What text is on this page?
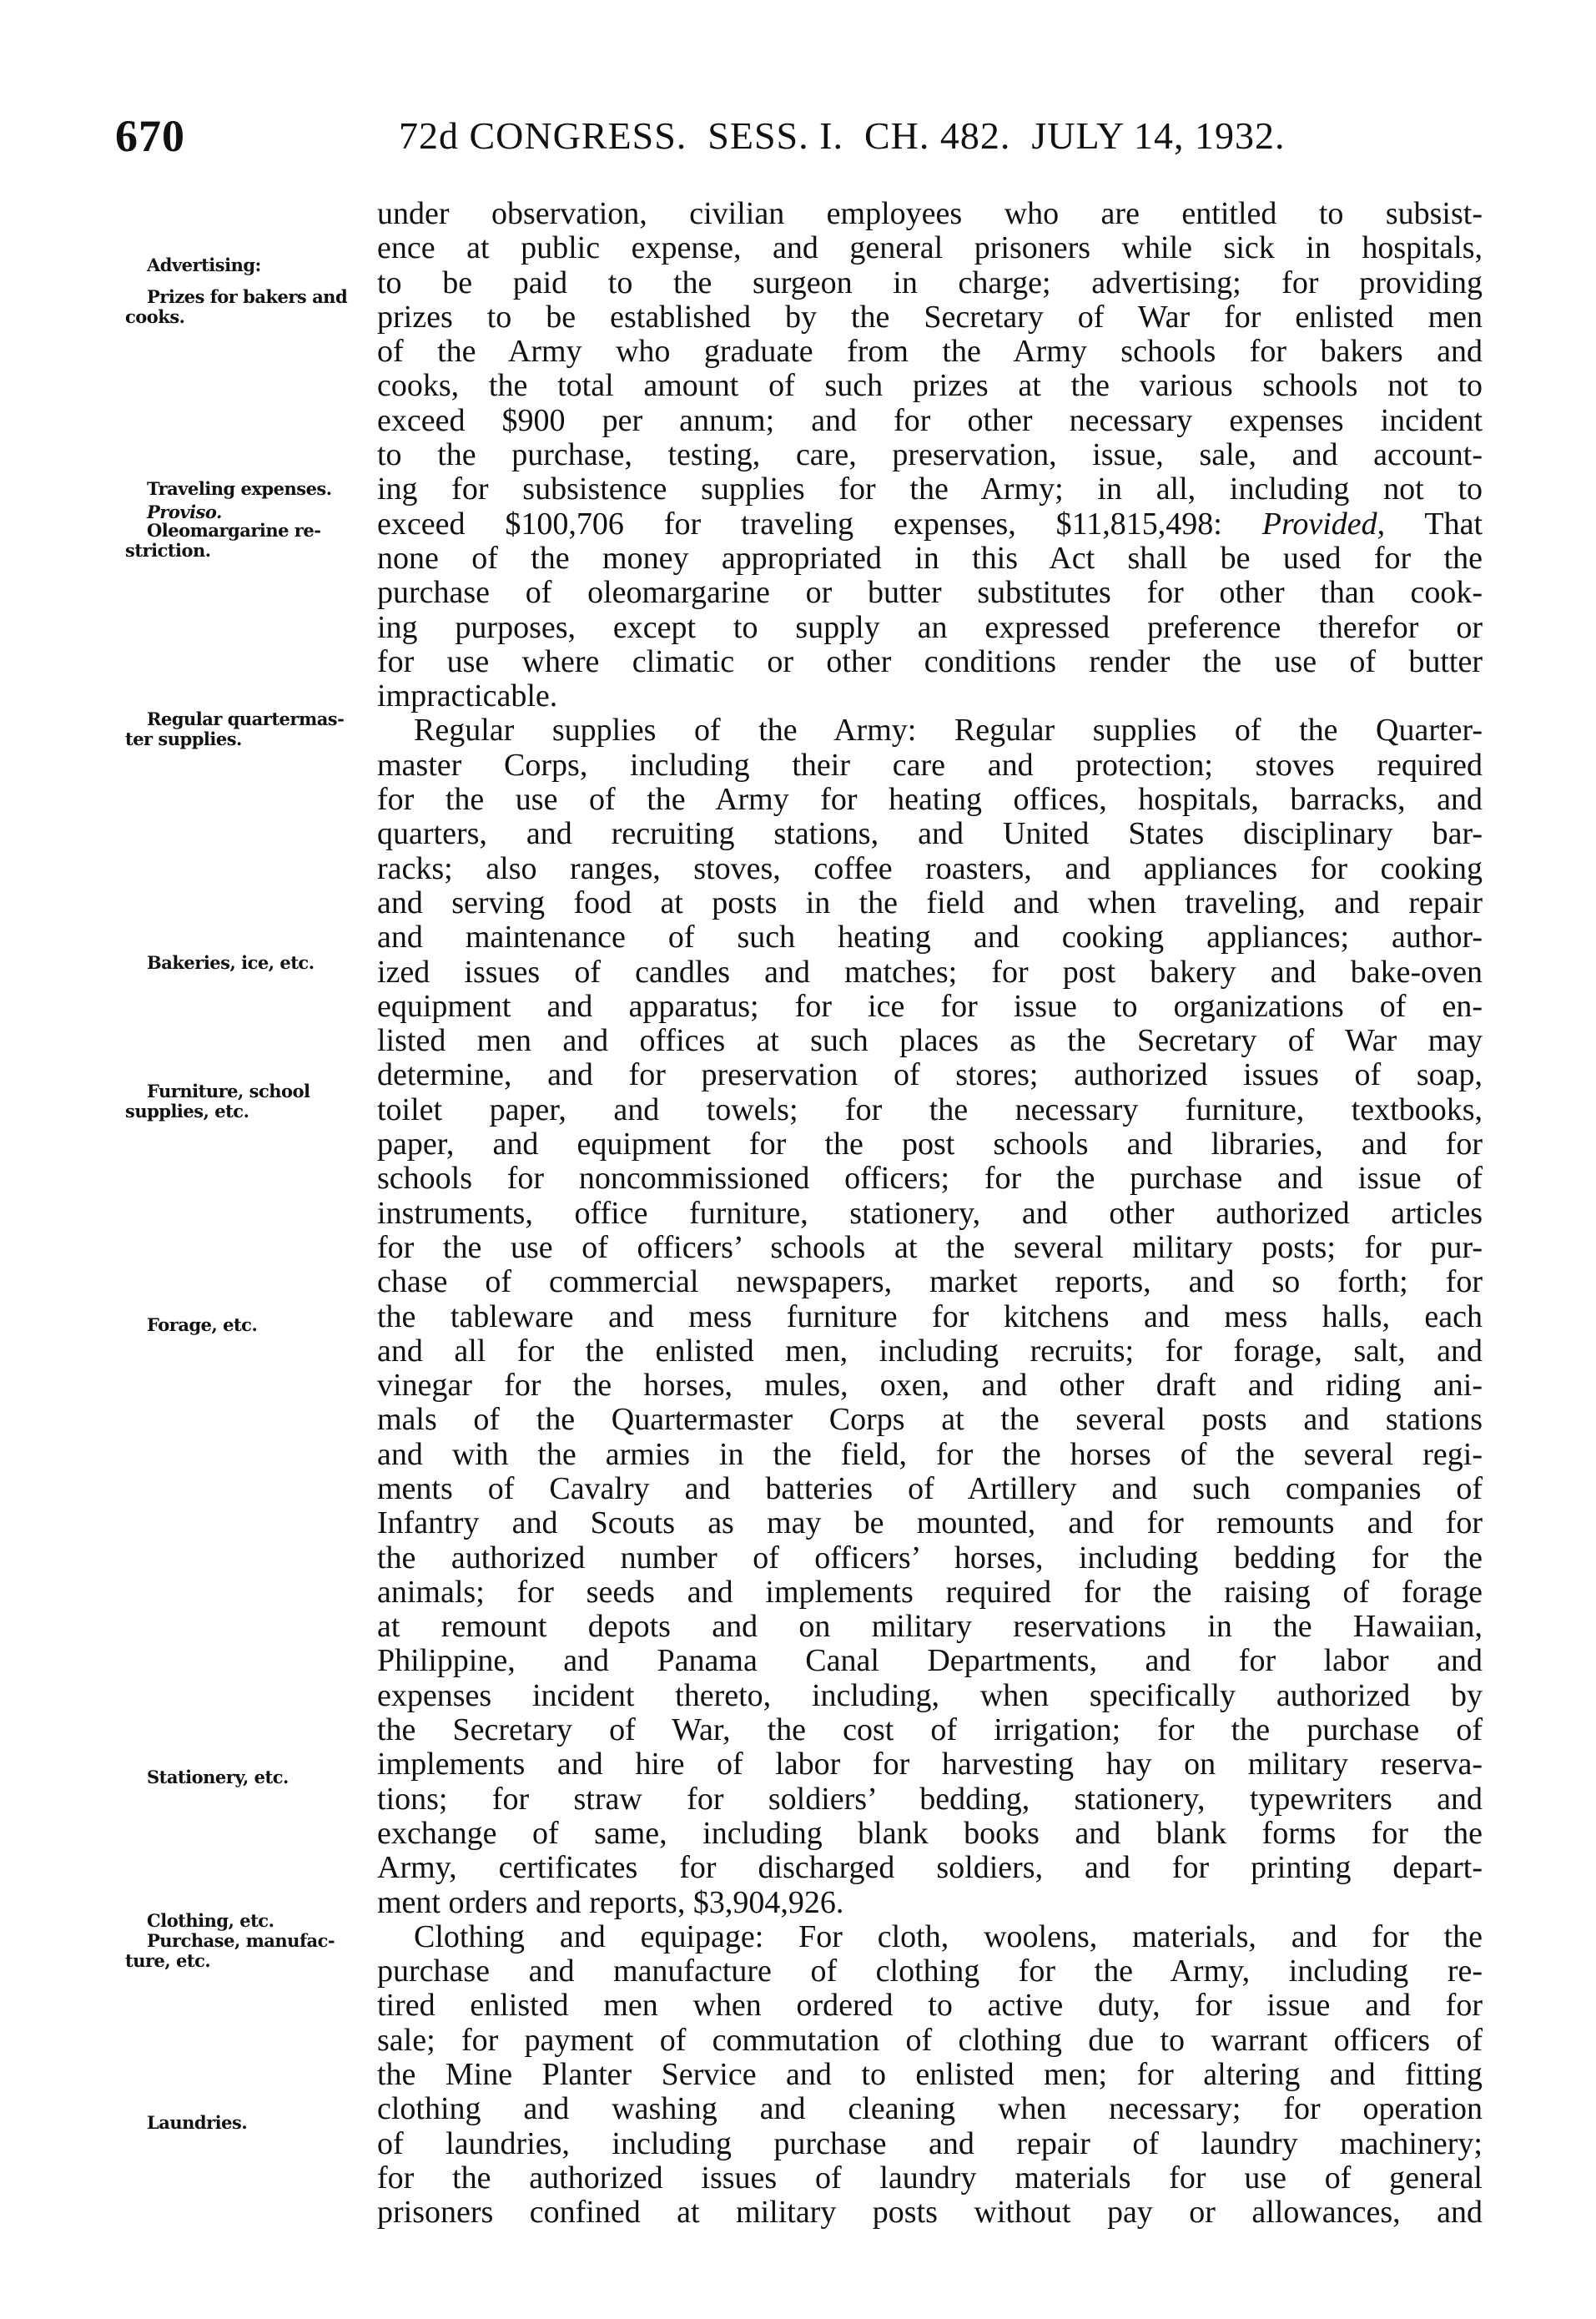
670	72d CONGRESS.  SESS. I.  CH. 482.  JULY 14, 1932.
Advertising:
Prizes for bakers and cooks.
Traveling expenses.
Proviso.
Oleomargarine re- striction.
Regular quartermas- ter supplies.
Bakeries, ice, etc.
Furniture, school supplies, etc.
Forage, etc.
Stationery, etc.
Clothing, etc.
Purchase, manufac- ture, etc.
Laundries.
under observation, civilian employees who are entitled to subsist-
ence at public expense, and general prisoners while sick in hospitals,
to be paid to the surgeon in charge; advertising; for providing
prizes to be established by the Secretary of War for enlisted men
of the Army who graduate from the Army schools for bakers and
cooks, the total amount of such prizes at the various schools not to
exceed $900 per annum; and for other necessary expenses incident
to the purchase, testing, care, preservation, issue, sale, and account-
ing for subsistence supplies for the Army; in all, including not to
exceed $100,706 for traveling expenses, $11,815,498: Provided, That
none of the money appropriated in this Act shall be used for the
purchase of oleomargarine or butter substitutes for other than cook-
ing purposes, except to supply an expressed preference therefor or
for use where climatic or other conditions render the use of butter
impracticable.
Regular supplies of the Army: Regular supplies of the Quarter-
master Corps, including their care and protection; stoves required
for the use of the Army for heating offices, hospitals, barracks, and
quarters, and recruiting stations, and United States disciplinary bar-
racks; also ranges, stoves, coffee roasters, and appliances for cooking
and serving food at posts in the field and when traveling, and repair
and maintenance of such heating and cooking appliances; author-
ized issues of candles and matches; for post bakery and bake-oven
equipment and apparatus; for ice for issue to organizations of en-
listed men and offices at such places as the Secretary of War may
determine, and for preservation of stores; authorized issues of soap,
toilet paper, and towels; for the necessary furniture, textbooks,
paper, and equipment for the post schools and libraries, and for
schools for noncommissioned officers; for the purchase and issue of
instruments, office furniture, stationery, and other authorized articles
for the use of officers’ schools at the several military posts; for pur-
chase of commercial newspapers, market reports, and so forth; for
the tableware and mess furniture for kitchens and mess halls, each
and all for the enlisted men, including recruits; for forage, salt, and
vinegar for the horses, mules, oxen, and other draft and riding ani-
mals of the Quartermaster Corps at the several posts and stations
and with the armies in the field, for the horses of the several regi-
ments of Cavalry and batteries of Artillery and such companies of
Infantry and Scouts as may be mounted, and for remounts and for
the authorized number of officers’ horses, including bedding for the
animals; for seeds and implements required for the raising of forage
at remount depots and on military reservations in the Hawaiian,
Philippine, and Panama Canal Departments, and for labor and
expenses incident thereto, including, when specifically authorized by
the Secretary of War, the cost of irrigation; for the purchase of
implements and hire of labor for harvesting hay on military reserva-
tions; for straw for soldiers’ bedding, stationery, typewriters and
exchange of same, including blank books and blank forms for the
Army, certificates for discharged soldiers, and for printing depart-
ment orders and reports, $3,904,926.
Clothing and equipage: For cloth, woolens, materials, and for the
purchase and manufacture of clothing for the Army, including re-
tired enlisted men when ordered to active duty, for issue and for
sale; for payment of commutation of clothing due to warrant officers of
the Mine Planter Service and to enlisted men; for altering and fitting
clothing and washing and cleaning when necessary; for operation
of laundries, including purchase and repair of laundry machinery;
for the authorized issues of laundry materials for use of general
prisoners confined at military posts without pay or allowances, and
